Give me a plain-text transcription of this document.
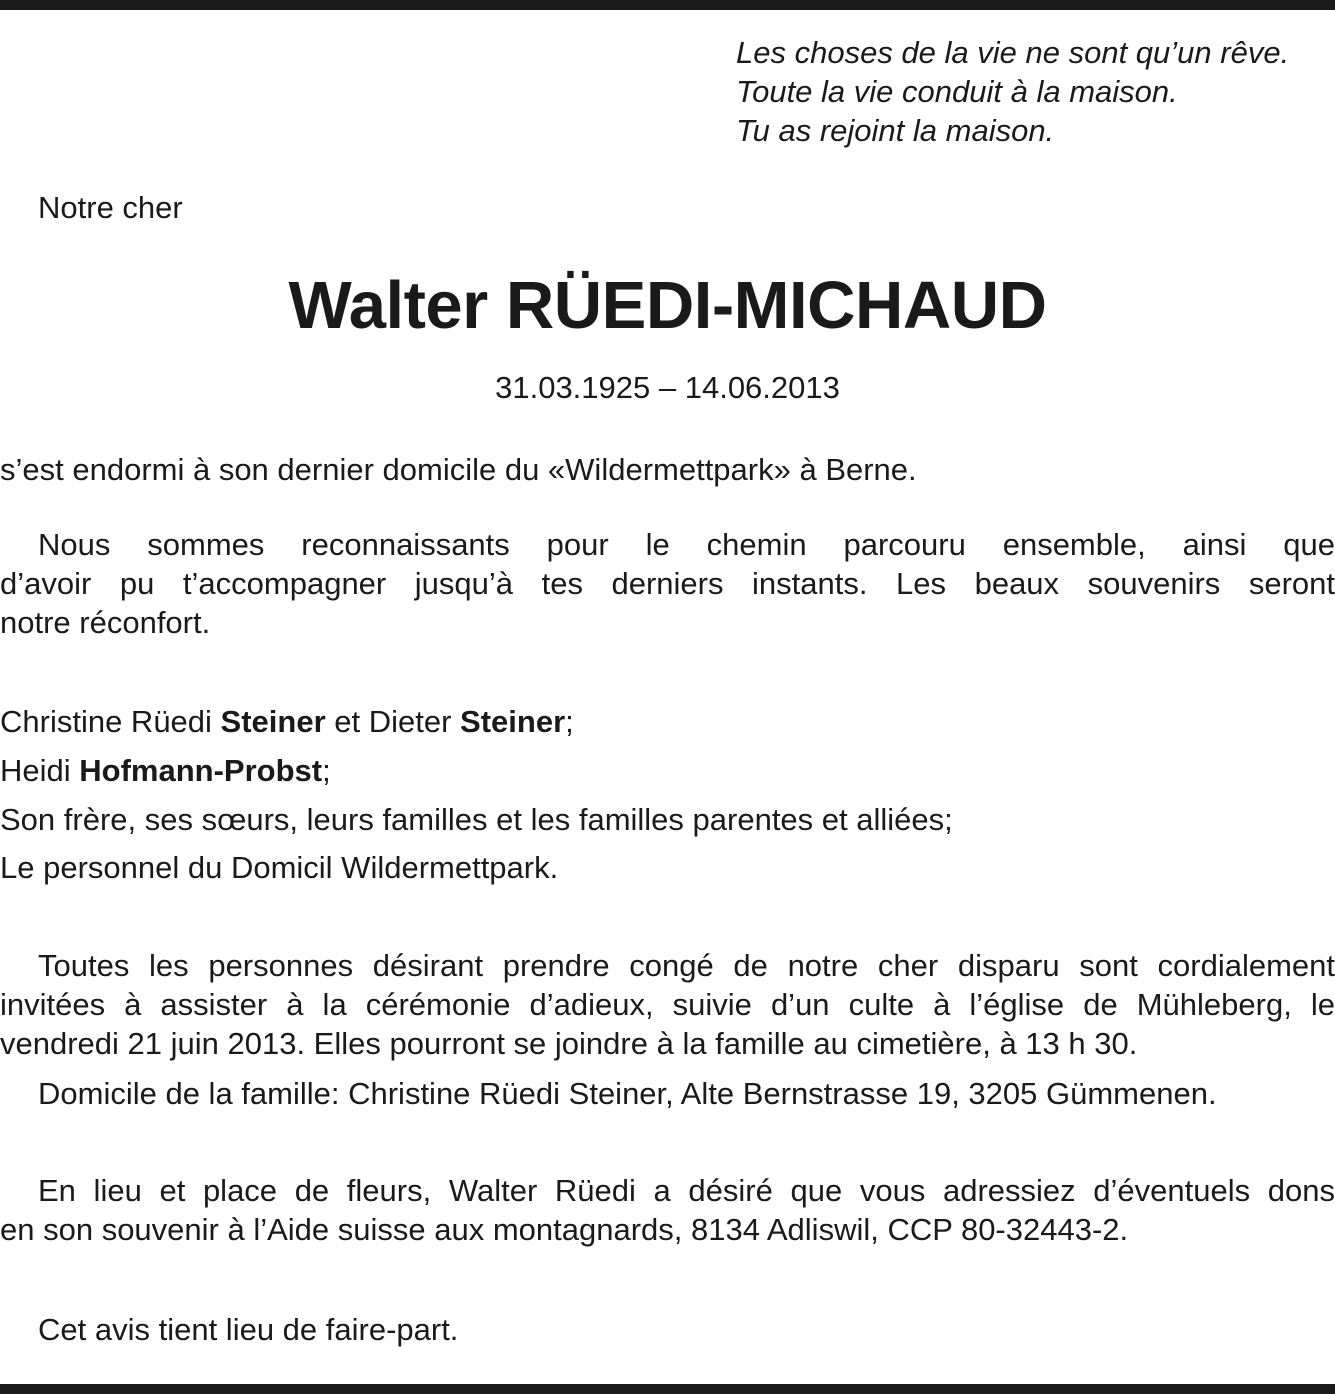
Les choses de la vie ne sont qu’un rêve.
Toute la vie conduit à la maison.
Tu as rejoint la maison.
Notre cher
Walter RÜEDI-MICHAUD
31.03.1925 – 14.06.2013
s’est endormi à son dernier domicile du «Wildermettpark» à Berne.
Nous sommes reconnaissants pour le chemin parcouru ensemble, ainsi que
d’avoir pu t’accompagner jusqu’à tes derniers instants. Les beaux souvenirs seront
notre réconfort.
Christine Rüedi Steiner et Dieter Steiner;
Heidi Hofmann-Probst;
Son frère, ses sœurs, leurs familles et les familles parentes et alliées;
Le personnel du Domicil Wildermettpark.
Toutes les personnes désirant prendre congé de notre cher disparu sont cordialement
invitées à assister à la cérémonie d’adieux, suivie d’un culte à l’église de Mühleberg, le
vendredi 21 juin 2013. Elles pourront se joindre à la famille au cimetière, à 13 h 30.
Domicile de la famille: Christine Rüedi Steiner, Alte Bernstrasse 19, 3205 Gümmenen.
En lieu et place de fleurs, Walter Rüedi a désiré que vous adressiez d’éventuels dons
en son souvenir à l’Aide suisse aux montagnards, 8134 Adliswil, CCP 80-32443-2.
Cet avis tient lieu de faire-part.
